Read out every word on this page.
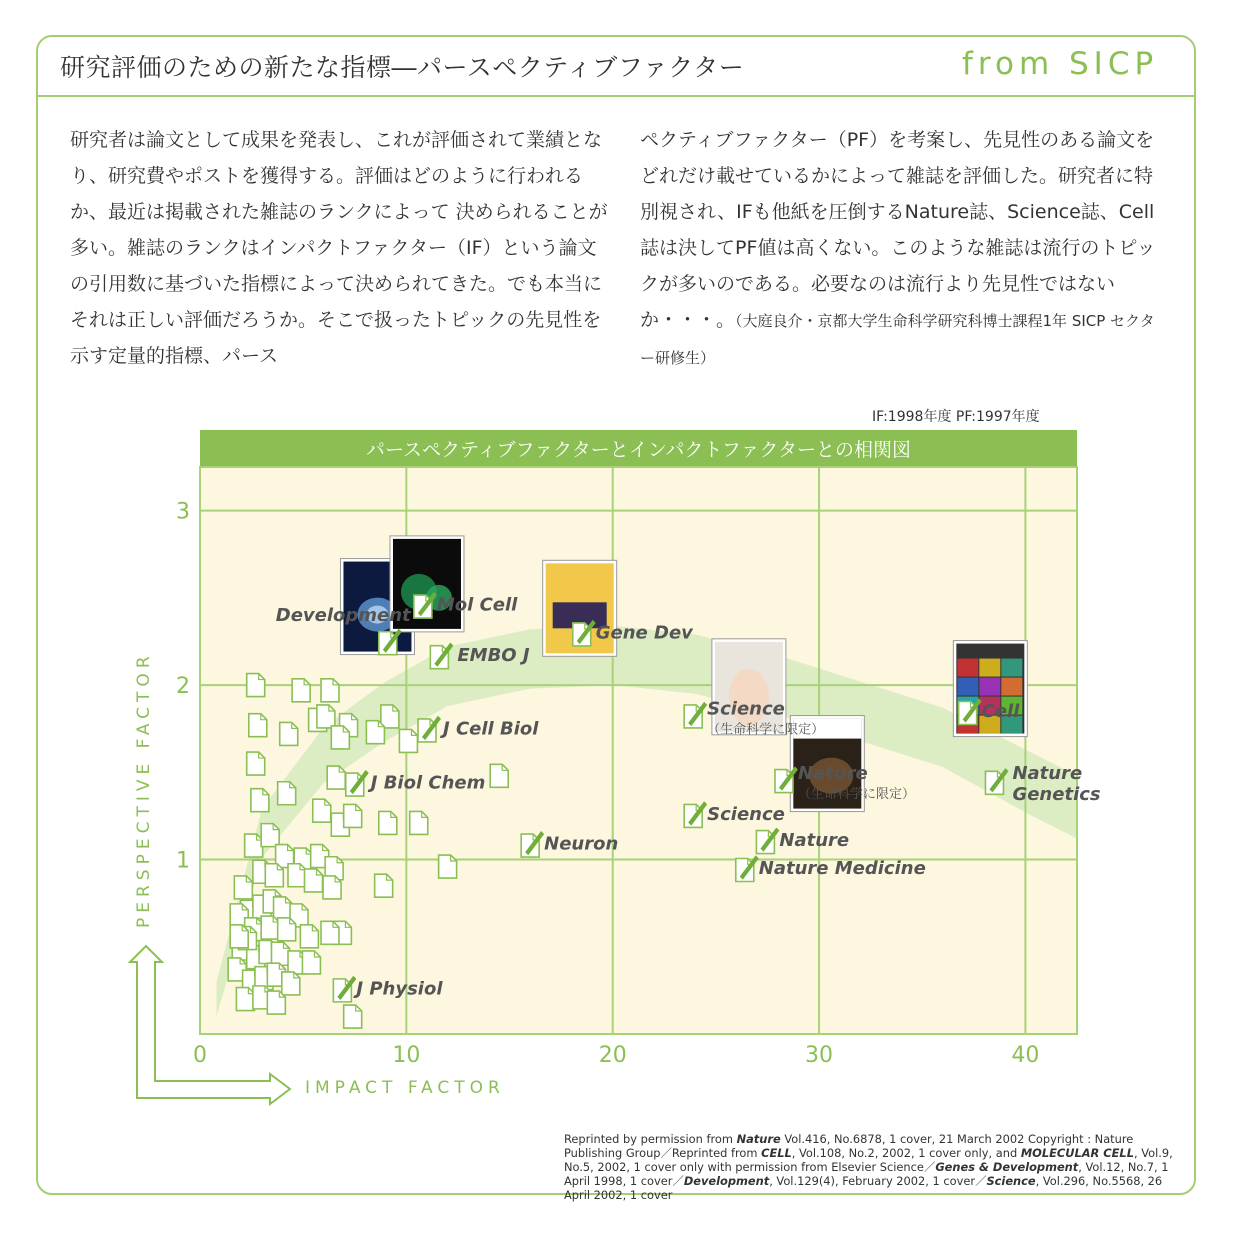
研究評価のための新たな指標―パースペクティブファクター	from SICP

研究者は論文として成果を発表し、これが評価されて業績となり、研究費やポストを獲得する。評価はどのように行われるか、最近は掲載された雑誌のランクによって 決められることが多い。雑誌のランクはインパクトファクター（IF）という論文の引用数に基づいた指標によって決められてきた。でも本当にそれは正しい評価だろうか。そこで扱ったトピックの先見性を示す定量的指標、パース

ペクティブファクター（PF）を考案し、先見性のある論文をどれだけ載せているかによって雑誌を評価した。研究者に特別視され、IFも他紙を圧倒するNature誌、Science誌、Cell誌は決してPF値は高くない。このような雑誌は流行のトピックが多いのである。必要なのは流行より先見性ではないか・・・。（大庭良介・京都大学生命科学研究科博士課程1年 SICP セクター研修生）

IF:1998年度 PF:1997年度
パースペクティブファクターとインパクトファクターとの相関図
0	10	20	30	40
1
2
3
Development
Mol Cell
EMBO J
Gene Dev
J Cell Biol
J Biol Chem
Neuron
Science
（生命科学に限定）
Science
Nature
（生命科学に限定）
Nature
Nature Medicine
Cell
Nature
Genetics
J Physiol
IMPACT FACTOR
PERSPECTIVE FACTOR
Reprinted by permission from Nature Vol.416, No.6878, 1 cover, 21 March 2002 Copyright : Nature Publishing Group／Reprinted from CELL, Vol.108, No.2, 2002, 1 cover only, and MOLECULAR CELL, Vol.9, No.5, 2002, 1 cover only with permission from Elsevier Science／Genes & Development, Vol.12, No.7, 1 April 1998, 1 cover／Development, Vol.129(4), February 2002, 1 cover／Science, Vol.296, No.5568, 26 April 2002, 1 cover
